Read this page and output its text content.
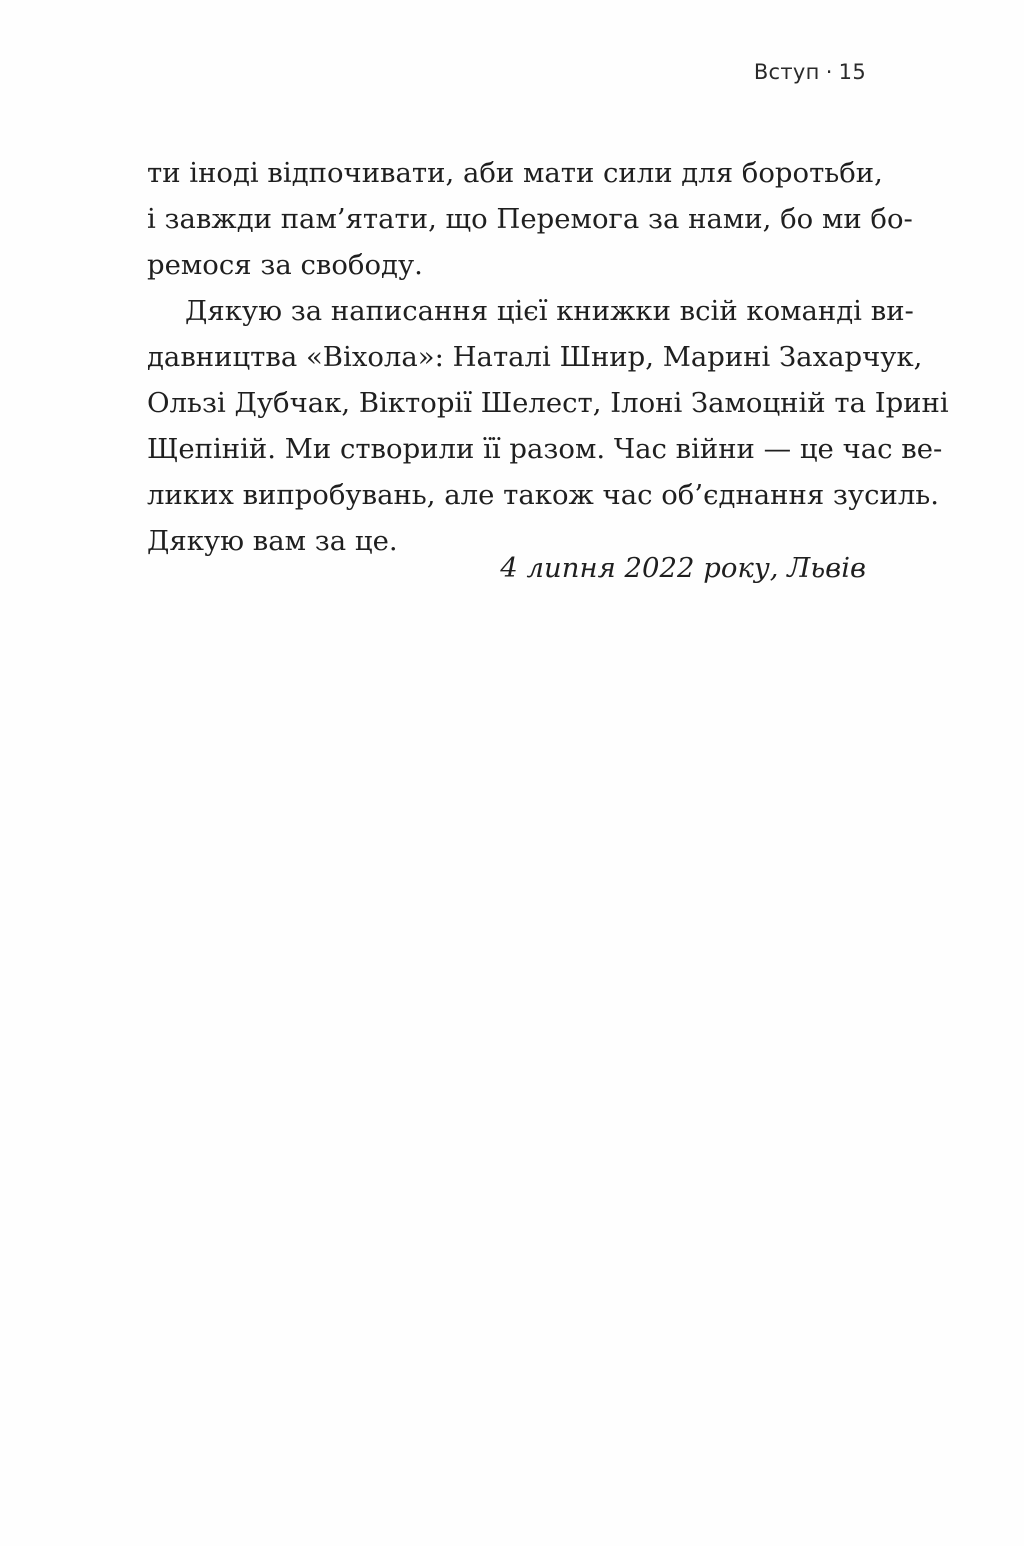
Вступ · 15
ти іноді відпочивати, аби мати сили для боротьби,
і завжди пам’ятати, що Перемога за нами, бо ми бо-
ремося за свободу.
Дякую за написання цієї книжки всій команді ви-
давництва «Віхола»: Наталі Шнир, Марині Захарчук,
Ользі Дубчак, Вікторії Шелест, Ілоні Замоцній та Ірині
Щепіній. Ми створили її разом. Час війни — це час ве-
ликих випробувань, але також час об’єднання зусиль.
Дякую вам за це.
4 липня 2022 року, Львів
